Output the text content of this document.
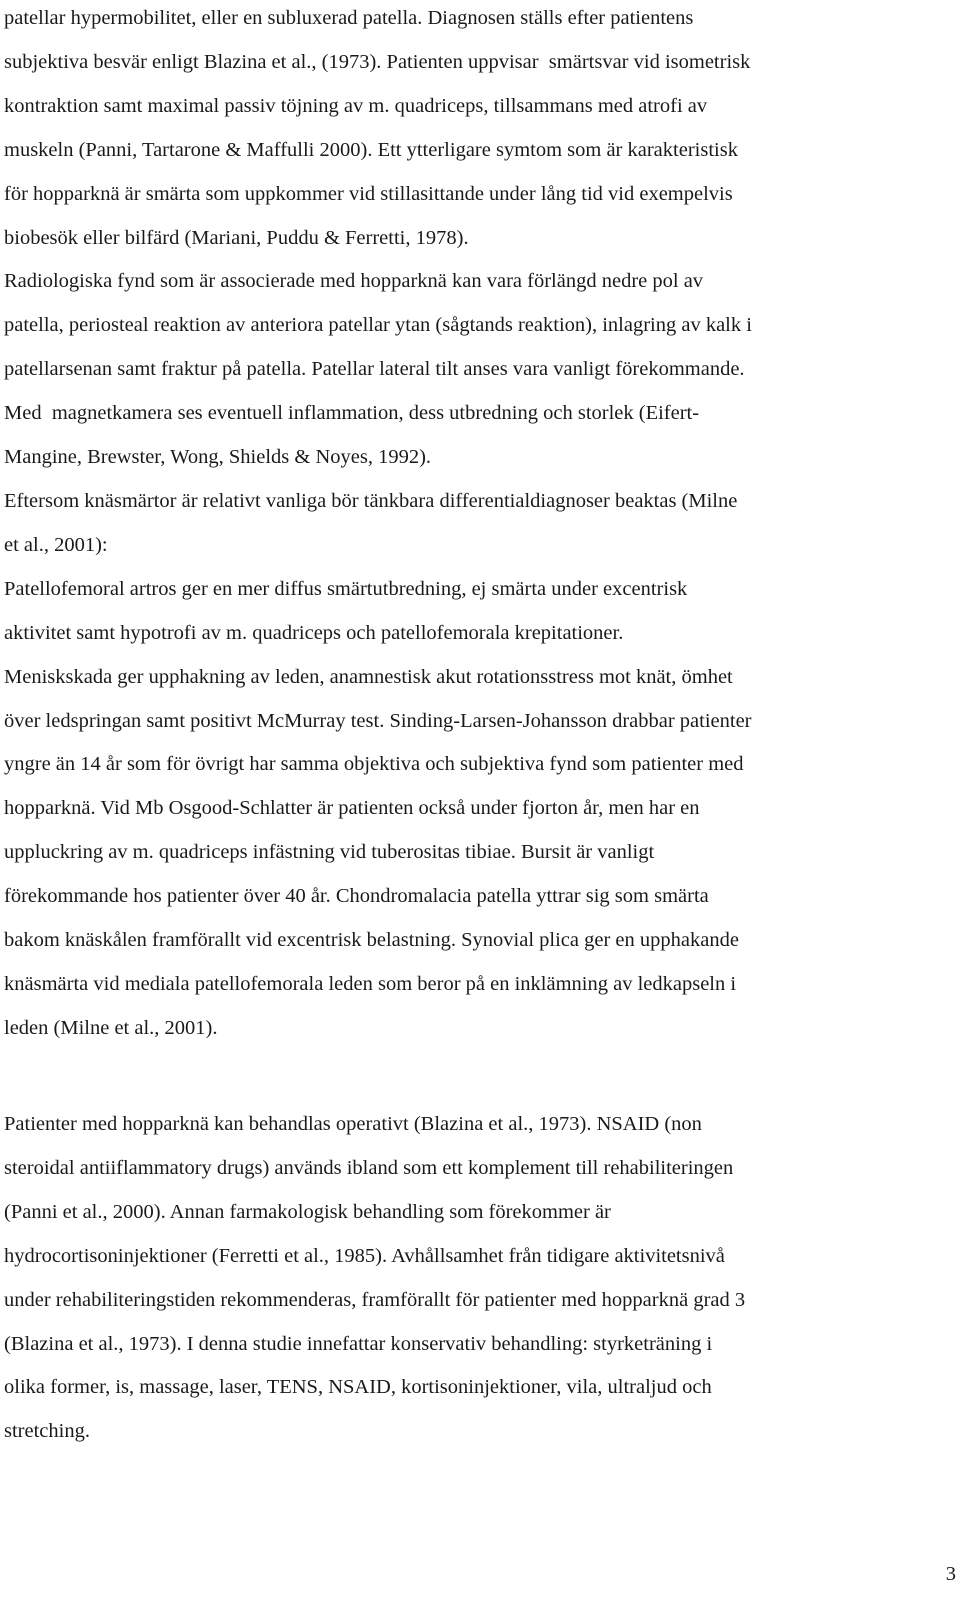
patellar hypermobilitet, eller en subluxerad patella. Diagnosen ställs efter patientens
subjektiva besvär enligt Blazina et al., (1973). Patienten uppvisar  smärtsvar vid isometrisk
kontraktion samt maximal passiv töjning av m. quadriceps, tillsammans med atrofi av
muskeln (Panni, Tartarone & Maffulli 2000). Ett ytterligare symtom som är karakteristisk
för hopparknä är smärta som uppkommer vid stillasittande under lång tid vid exempelvis
biobesök eller bilfärd (Mariani, Puddu & Ferretti, 1978).
Radiologiska fynd som är associerade med hopparknä kan vara förlängd nedre pol av
patella, periosteal reaktion av anteriora patellar ytan (sågtands reaktion), inlagring av kalk i
patellarsenan samt fraktur på patella. Patellar lateral tilt anses vara vanligt förekommande.
Med  magnetkamera ses eventuell inflammation, dess utbredning och storlek (Eifert-
Mangine, Brewster, Wong, Shields & Noyes, 1992).
Eftersom knäsmärtor är relativt vanliga bör tänkbara differentialdiagnoser beaktas (Milne
et al., 2001):
Patellofemoral artros ger en mer diffus smärtutbredning, ej smärta under excentrisk
aktivitet samt hypotrofi av m. quadriceps och patellofemorala krepitationer.
Meniskskada ger upphakning av leden, anamnestisk akut rotationsstress mot knät, ömhet
över ledspringan samt positivt McMurray test. Sinding-Larsen-Johansson drabbar patienter
yngre än 14 år som för övrigt har samma objektiva och subjektiva fynd som patienter med
hopparknä. Vid Mb Osgood-Schlatter är patienten också under fjorton år, men har en
uppluckring av m. quadriceps infästning vid tuberositas tibiae. Bursit är vanligt
förekommande hos patienter över 40 år. Chondromalacia patella yttrar sig som smärta
bakom knäskålen framförallt vid excentrisk belastning. Synovial plica ger en upphakande
knäsmärta vid mediala patellofemorala leden som beror på en inklämning av ledkapseln i
leden (Milne et al., 2001).
Patienter med hopparknä kan behandlas operativt (Blazina et al., 1973). NSAID (non
steroidal antiiflammatory drugs) används ibland som ett komplement till rehabiliteringen
(Panni et al., 2000). Annan farmakologisk behandling som förekommer är
hydrocortisoninjektioner (Ferretti et al., 1985). Avhållsamhet från tidigare aktivitetsnivå
under rehabiliteringstiden rekommenderas, framförallt för patienter med hopparknä grad 3
(Blazina et al., 1973). I denna studie innefattar konservativ behandling: styrketräning i
olika former, is, massage, laser, TENS, NSAID, kortisoninjektioner, vila, ultraljud och
stretching.
3
